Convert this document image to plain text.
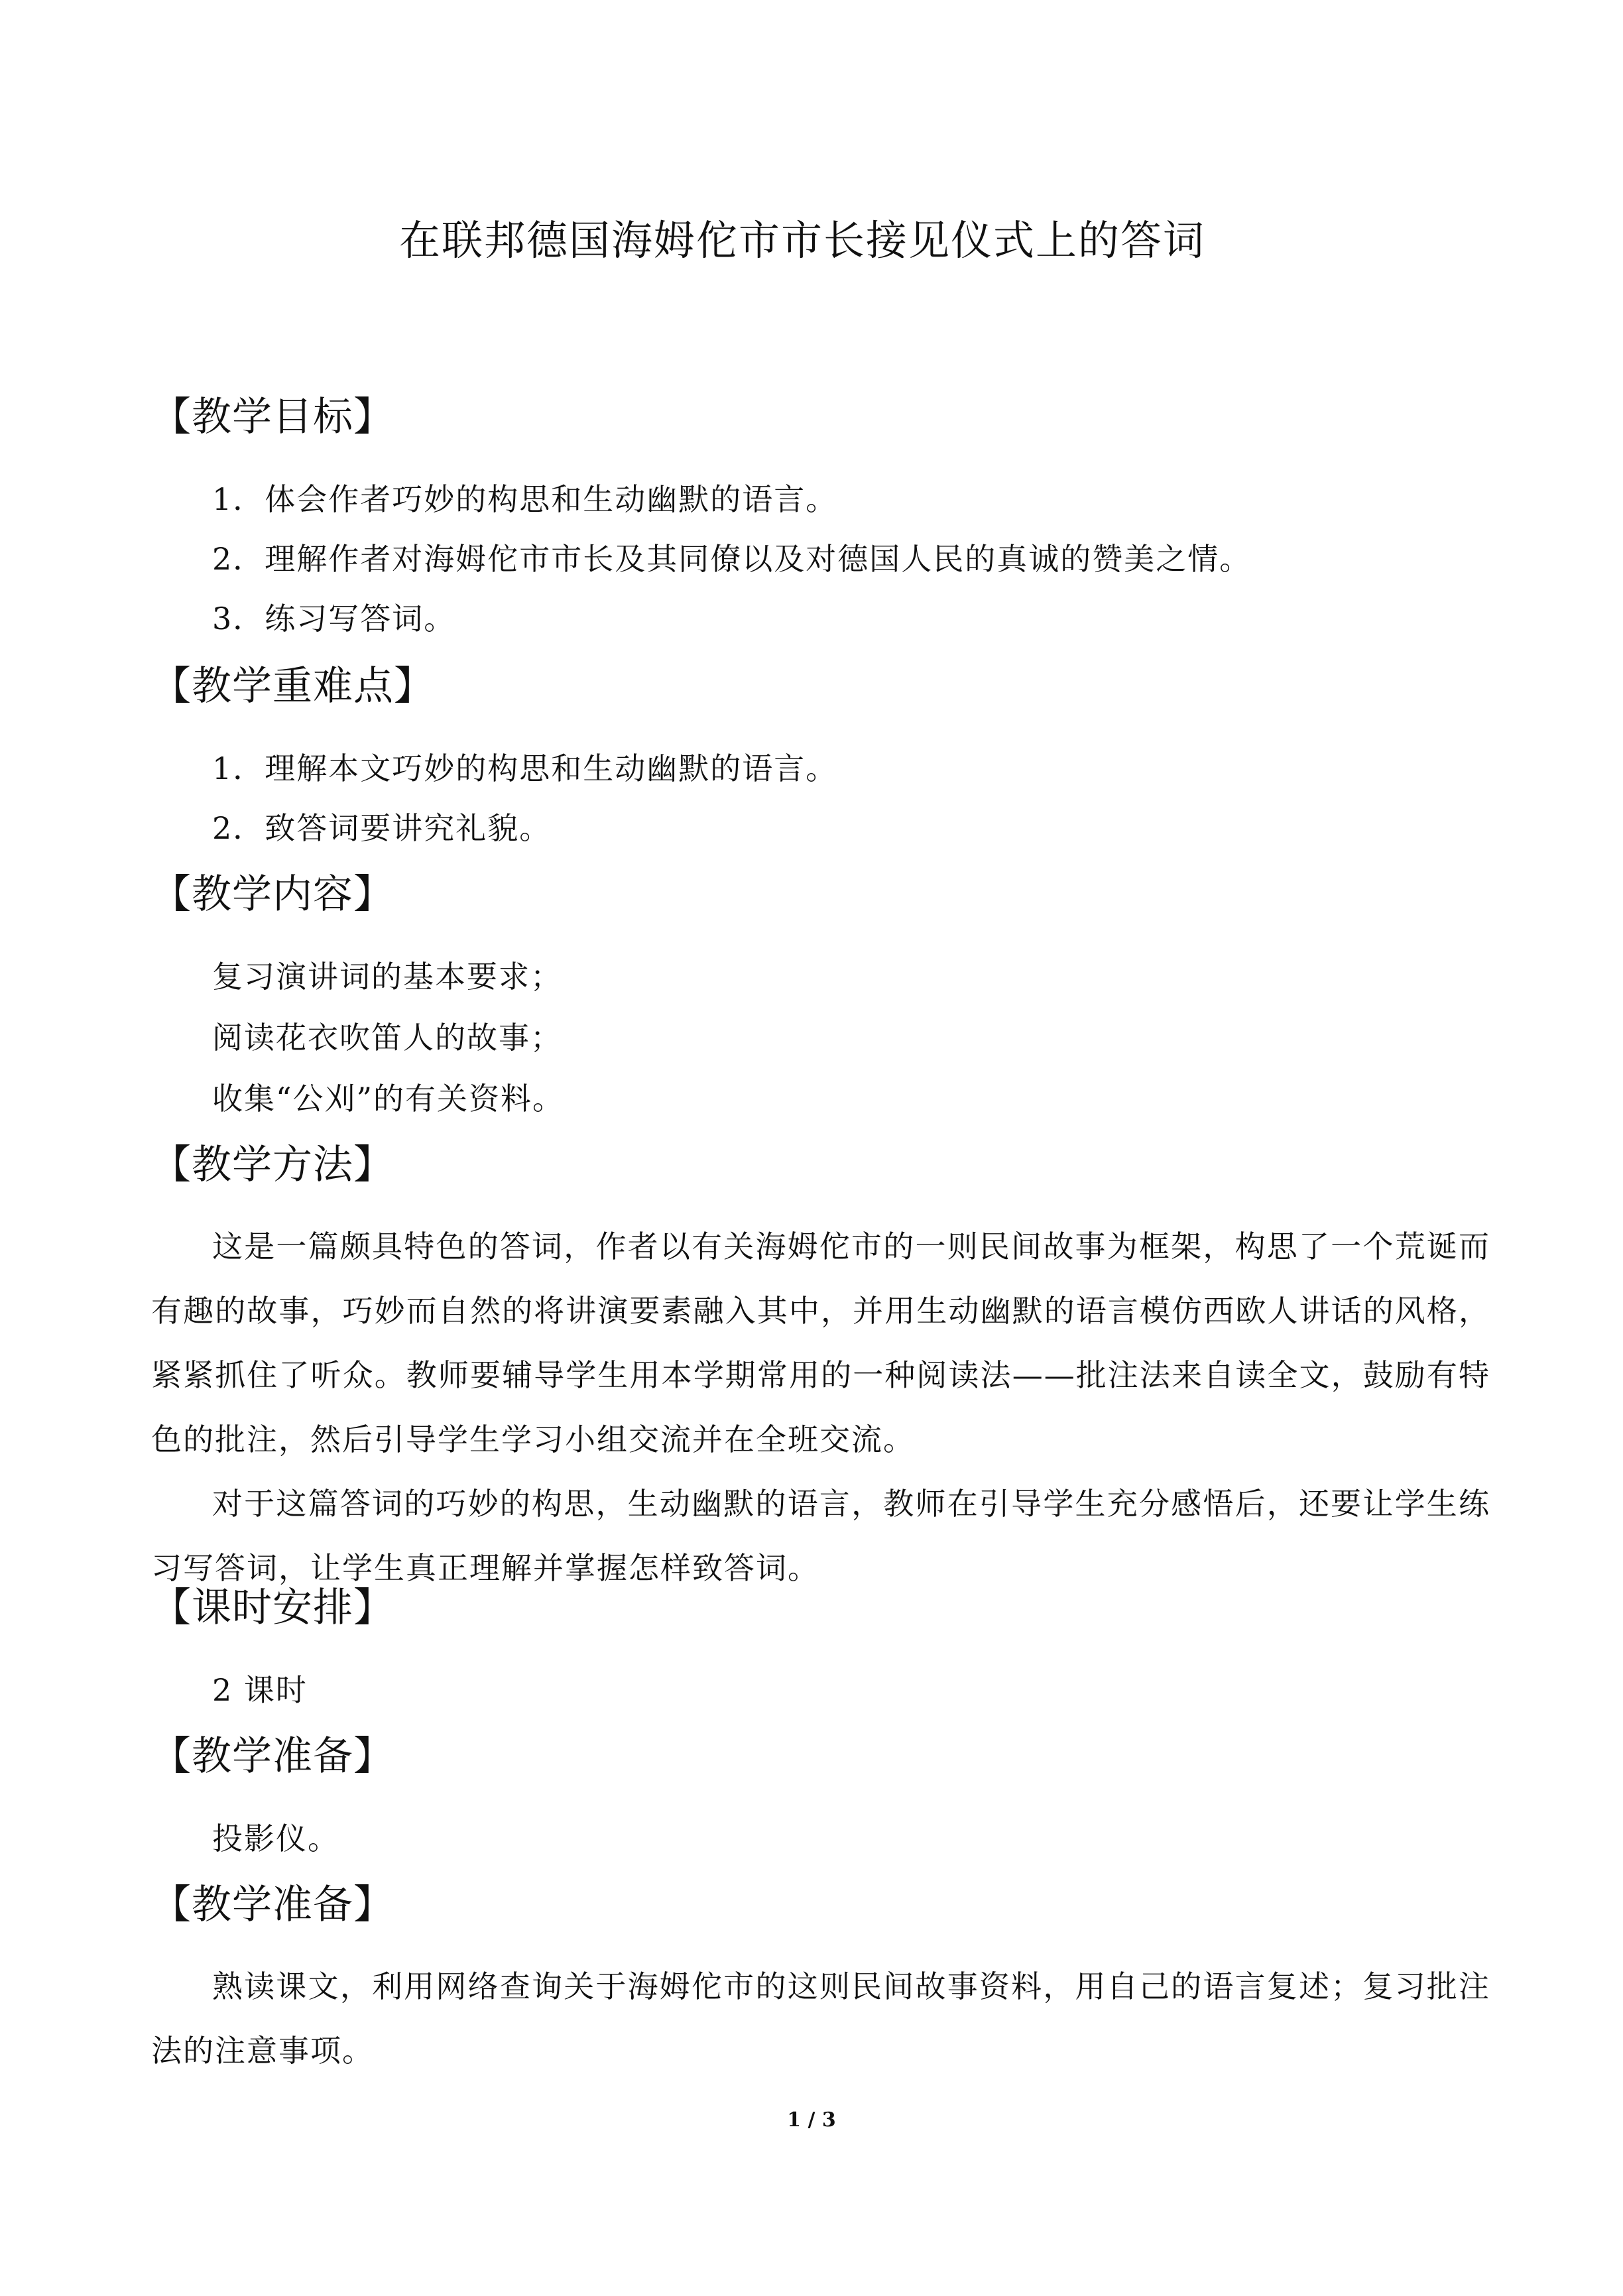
在联邦德国海姆佗市市长接见仪式上的答词
【教学目标】
1．体会作者巧妙的构思和生动幽默的语言。
2．理解作者对海姆佗市市长及其同僚以及对德国人民的真诚的赞美之情。
3．练习写答词。
【教学重难点】
1．理解本文巧妙的构思和生动幽默的语言。
2．致答词要讲究礼貌。
【教学内容】
复习演讲词的基本要求；
阅读花衣吹笛人的故事；
收集“公刈”的有关资料。
【教学方法】
这是一篇颇具特色的答词，作者以有关海姆佗市的一则民间故事为框架，构思了一个荒诞而有趣的故事，巧妙而自然的将讲演要素融入其中，并用生动幽默的语言模仿西欧人讲话的风格，紧紧抓住了听众。教师要辅导学生用本学期常用的一种阅读法——批注法来自读全文，鼓励有特色的批注，然后引导学生学习小组交流并在全班交流。
对于这篇答词的巧妙的构思，生动幽默的语言，教师在引导学生充分感悟后，还要让学生练习写答词，让学生真正理解并掌握怎样致答词。
【课时安排】
2 课时
【教学准备】
投影仪。
【教学准备】
熟读课文，利用网络查询关于海姆佗市的这则民间故事资料，用自己的语言复述；复习批注法的注意事项。
1 / 3
